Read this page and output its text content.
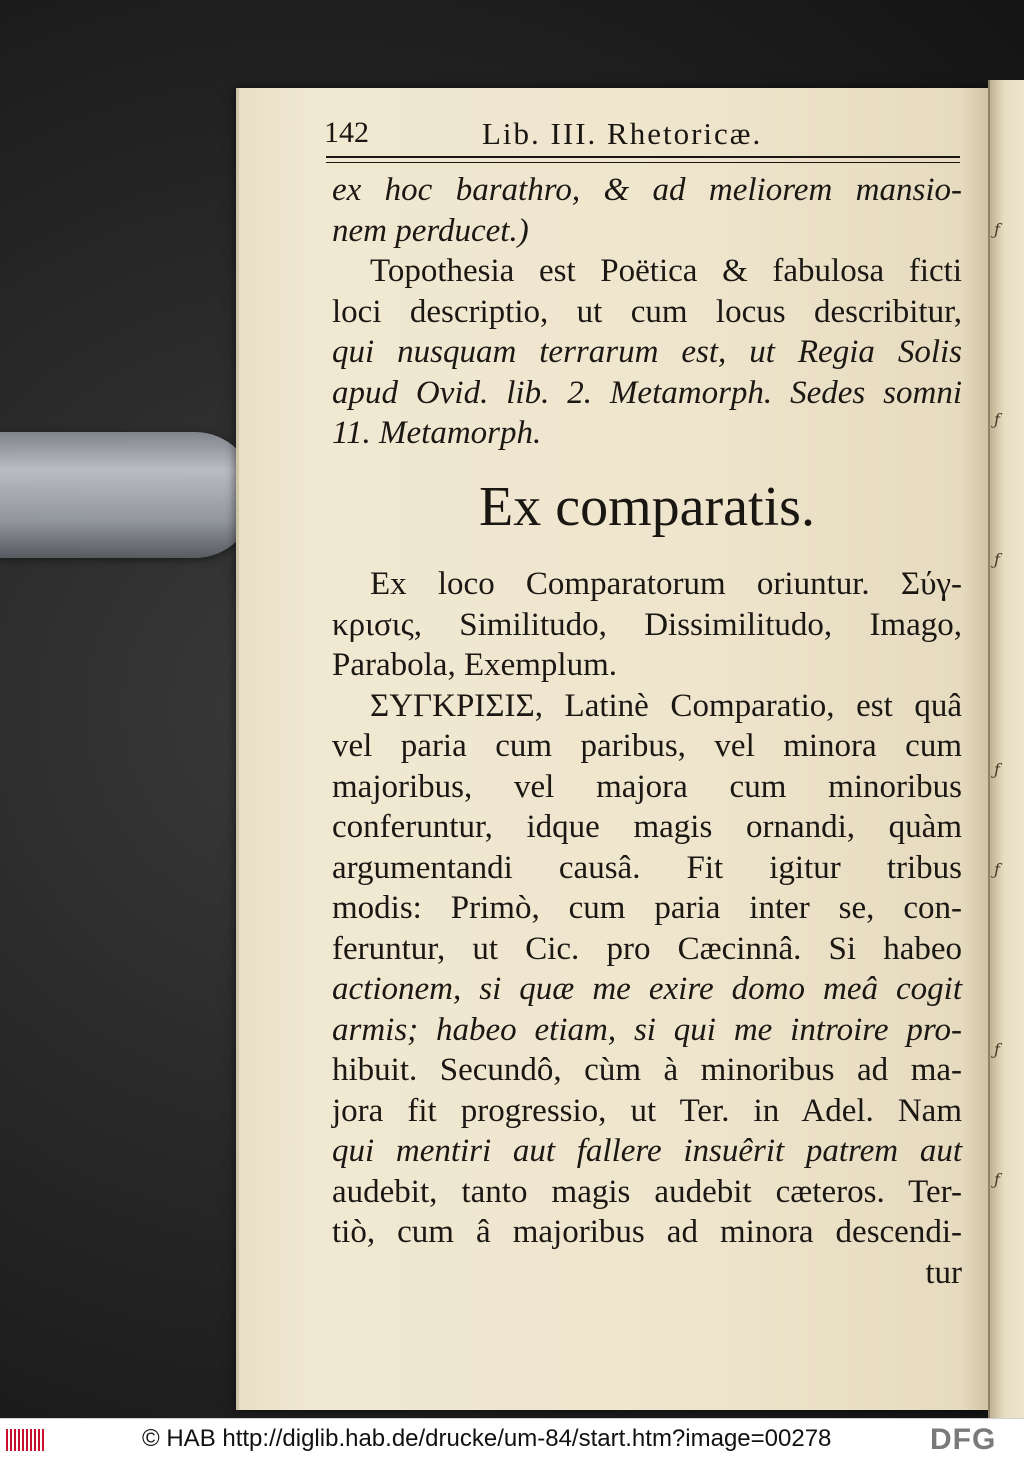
ƒ
ƒ
ƒ
ƒ
ƒ
ƒ
ƒ
142	Lib. III. Rhetoricæ.
ex hoc barathro, & ad meliorem mansio-
nem perducet.)
Topothesia est Poëtica & fabulosa ficti
loci descriptio, ut cum locus describitur,
qui nusquam terrarum est, ut Regia Solis
apud Ovid. lib. 2. Metamorph. Sedes somni
11. Metamorph.
Ex comparatis.
Ex loco Comparatorum oriuntur. Σύγ-
κρισις, Similitudo, Dissimilitudo, Imago,
Parabola, Exemplum.
ΣΥΓΚΡΙΣΙΣ, Latinè Comparatio, est quâ
vel paria cum paribus, vel minora cum
majoribus, vel majora cum minoribus
conferuntur, idque magis ornandi, quàm
argumentandi causâ. Fit igitur tribus
modis: Primò, cum paria inter se, con-
feruntur, ut Cic. pro Cæcinnâ. Si habeo
actionem, si quæ me exire domo meâ cogit
armis; habeo etiam, si qui me introire pro-
hibuit. Secundô, cùm à minoribus ad ma-
jora fit progressio, ut Ter. in Adel. Nam
qui mentiri aut fallere insuêrit patrem aut
audebit, tanto magis audebit cæteros. Ter-
tiò, cum â majoribus ad minora descendi-
tur
© HAB http://diglib.hab.de/drucke/um-84/start.htm?image=00278	DFG
